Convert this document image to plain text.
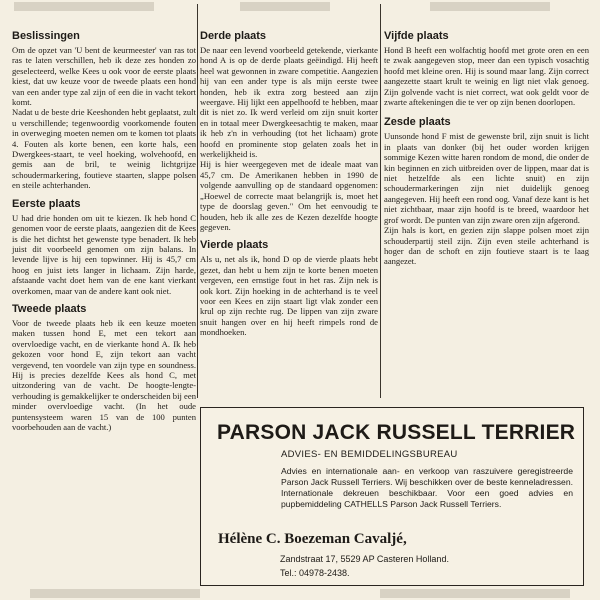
Beslissingen

Om de opzet van 'U bent de keurmeester' van ras tot ras te laten verschillen, heb ik deze zes honden zo geselecteerd, welke Kees u ook voor de eerste plaats kiest, dat uw keuze voor de tweede plaats een hond van een ander type zal zijn of een die in vacht tekort komt.

Nadat u de beste drie Keeshonden hebt geplaatst, zult u verschillende; tegenwoordig voorkomende fouten in overweging moeten nemen om te komen tot plaats 4. Fouten als korte benen, een korte hals, een Dwergkees-staart, te veel hoeking, wolvehoofd, en gemis aan de bril, te weinig lichtgrijze schoudermarkering, foutieve staarten, slappe polsen en steile achterhanden.

Eerste plaats

U had drie honden om uit te kiezen. Ik heb hond C genomen voor de eerste plaats, aangezien dit de Kees is die het dichtst het gewenste type benadert. Ik heb juist dit voorbeeld genomen om zijn balans. In levende lijve is hij een topwinner. Hij is 45,7 cm hoog en juist iets langer in lichaam. Zijn harde, afstaande vacht doet hem van de ene kant vierkant overkomen, maar van de andere kant ook niet.

Tweede plaats

Voor de tweede plaats heb ik een keuze moeten maken tussen hond E, met een tekort aan overvloedige vacht, en de vierkante hond A. Ik heb gekozen voor hond E, zijn tekort aan vacht vergevend, ten voordele van zijn type en soundness. Hij is precies dezelfde Kees als hond C, met uitzondering van de vacht. De hoogte-lengte-verhouding is gemakkelijker te onderscheiden bij een minder overvloedige vacht. (In het oude puntensysteem waren 15 van de 100 punten voorbehouden aan de vacht.)

Derde plaats

De naar een levend voorbeeld getekende, vierkante hond A is op de derde plaats geëindigd. Hij heeft heel wat gewonnen in zware competitie. Aangezien hij van een ander type is als mijn eerste twee honden, heb ik extra zorg besteed aan zijn weergave. Hij lijkt een appelhoofd te hebben, maar dit is niet zo. Ik werd verleid om zijn snuit korter en in totaal meer Dwergkeesachtig te maken, maar ik heb z'n in verhouding (tot het lichaam) grote hoofd en prominente stop gelaten zoals het in werkelijkheid is.

Hij is hier weergegeven met de ideale maat van 45,7 cm. De Amerikanen hebben in 1990 de volgende aanvulling op de standaard opgenomen: „Hoewel de correcte maat belangrijk is, moet het type de doorslag geven." Om het eenvoudig te houden, heb ik alle zes de Kezen dezelfde hoogte gegeven.

Vierde plaats

Als u, net als ik, hond D op de vierde plaats hebt gezet, dan hebt u hem zijn te korte benen moeten vergeven, een ernstige fout in het ras. Zijn nek is ook kort. Zijn hoeking in de achterhand is te veel voor een Kees en zijn staart ligt vlak zonder een krul op zijn rechte rug. De lippen van zijn zware snuit hangen over en hij heeft rimpels rond de mondhoeken.

Vijfde plaats

Hond B heeft een wolfachtig hoofd met grote oren en een te zwak aangegeven stop, meer dan een typisch vosachtig hoofd met kleine oren. Hij is sound maar lang. Zijn correct aangezette staart krult te weinig en ligt niet vlak genoeg. Zijn golvende vacht is niet correct, wat ook geldt voor de zwarte aftekeningen die te ver op zijn benen doorlopen.

Zesde plaats

Uunsonde hond F mist de gewenste bril, zijn snuit is licht in plaats van donker (bij het ouder worden krijgen sommige Kezen witte haren rondom de mond, die onder de kin beginnen en zich uitbreiden over de lippen, maar dat is niet hetzelfde als een lichte snuit) en zijn schoudermarkeringen zijn niet duidelijk genoeg aangegeven. Hij heeft een rond oog. Vanaf deze kant is het niet zichtbaar, maar zijn hoofd is te breed, waardoor het grof wordt. De punten van zijn zware oren zijn afgerond.

Zijn hals is kort, en gezien zijn slappe polsen moet zijn schouderpartij steil zijn. Zijn even steile achterhand is hoger dan de schoft en zijn foutieve staart is te laag aangezet.

PARSON JACK RUSSELL TERRIER
ADVIES- EN BEMIDDELINGSBUREAU
Advies en internationale aan- en verkoop van raszuivere geregistreerde Parson Jack Russell Terriers. Wij beschikken over de beste kenneladressen. Internationale dekreuen beschikbaar. Voor een goed advies en pupbemiddeling CATHELLS Parson Jack Russell Terriers.
Hélène C. Boezeman Cavaljé,
Zandstraat 17, 5529 AP Casteren Holland.
Tel.: 04978-2438.
